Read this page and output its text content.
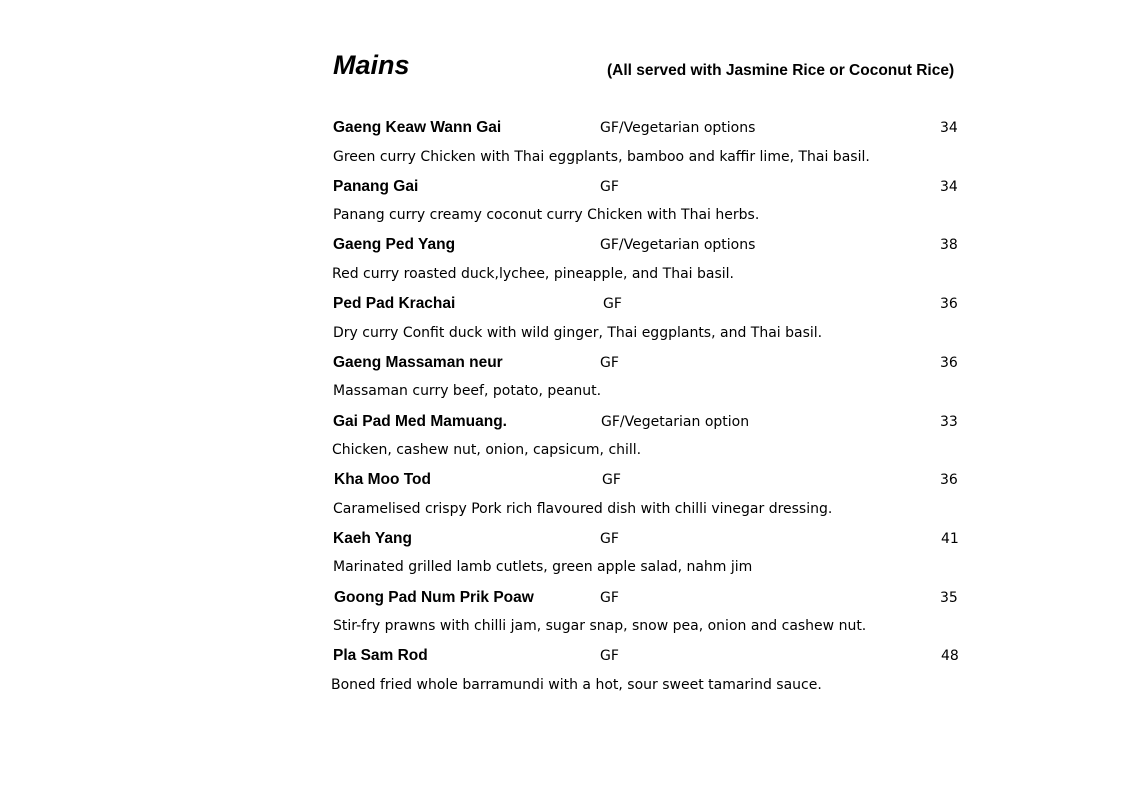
Mains	(All served with Jasmine Rice or Coconut Rice)
Gaeng Keaw Wann Gai	GF/Vegetarian options	34
Green curry Chicken with Thai eggplants, bamboo and kaffir lime, Thai basil.
Panang Gai	GF	34
Panang curry creamy coconut curry Chicken with Thai herbs.
Gaeng Ped Yang	GF/Vegetarian options	38
Red curry roasted duck,lychee, pineapple, and Thai basil.
Ped Pad Krachai	GF	36
Dry curry Confit duck with wild ginger, Thai eggplants, and Thai basil.
Gaeng Massaman neur	GF	36
Massaman curry beef, potato, peanut.
Gai Pad Med Mamuang.	GF/Vegetarian option	33
Chicken, cashew nut, onion, capsicum, chill.
Kha Moo Tod	GF	36
Caramelised crispy Pork rich flavoured dish with chilli vinegar dressing.
Kaeh Yang	GF	41
Marinated grilled lamb cutlets, green apple salad, nahm jim
Goong Pad Num Prik Poaw	GF	35
Stir-fry prawns with chilli jam, sugar snap, snow pea, onion and cashew nut.
Pla Sam Rod	GF	48
Boned fried whole barramundi with a hot, sour sweet tamarind sauce.
